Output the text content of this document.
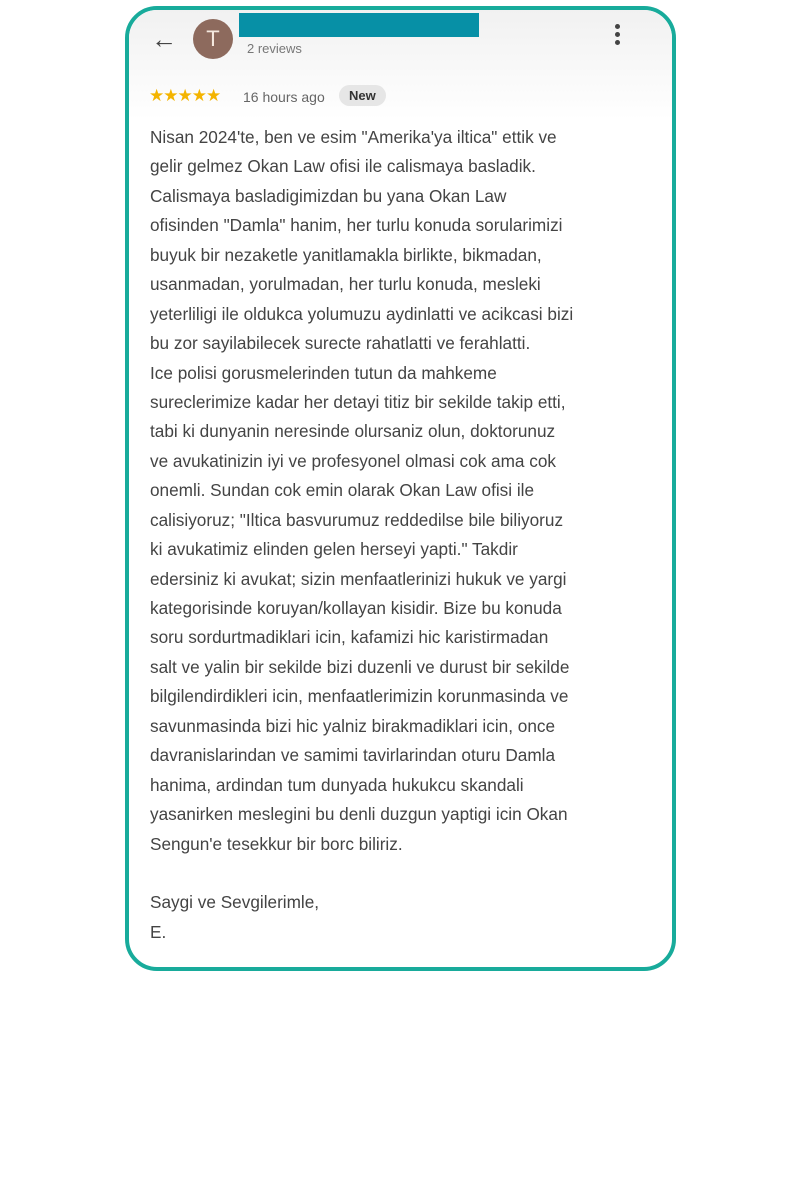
←	T	2 reviews
★★★★★ 16 hours ago	New
Nisan 2024'te, ben ve esim "Amerika'ya iltica" ettik ve
gelir gelmez Okan Law ofisi ile calismaya basladik.
Calismaya basladigimizdan bu yana Okan Law
ofisinden "Damla" hanim, her turlu konuda sorularimizi
buyuk bir nezaketle yanitlamakla birlikte, bikmadan,
usanmadan, yorulmadan, her turlu konuda, mesleki
yeterliligi ile oldukca yolumuzu aydinlatti ve acikcasi bizi
bu zor sayilabilecek surecte rahatlatti ve ferahlatti.
Ice polisi gorusmelerinden tutun da mahkeme
sureclerimize kadar her detayi titiz bir sekilde takip etti,
tabi ki dunyanin neresinde olursaniz olun, doktorunuz
ve avukatinizin iyi ve profesyonel olmasi cok ama cok
onemli. Sundan cok emin olarak Okan Law ofisi ile
calisiyoruz; "Iltica basvurumuz reddedilse bile biliyoruz
ki avukatimiz elinden gelen herseyi yapti." Takdir
edersiniz ki avukat; sizin menfaatlerinizi hukuk ve yargi
kategorisinde koruyan/kollayan kisidir. Bize bu konuda
soru sordurtmadiklari icin, kafamizi hic karistirmadan
salt ve yalin bir sekilde bizi duzenli ve durust bir sekilde
bilgilendirdikleri icin, menfaatlerimizin korunmasinda ve
savunmasinda bizi hic yalniz birakmadiklari icin, once
davranislarindan ve samimi tavirlarindan oturu Damla
hanima, ardindan tum dunyada hukukcu skandali
yasanirken meslegini bu denli duzgun yaptigi icin Okan
Sengun'e tesekkur bir borc biliriz.
Saygi ve Sevgilerimle,
E.
